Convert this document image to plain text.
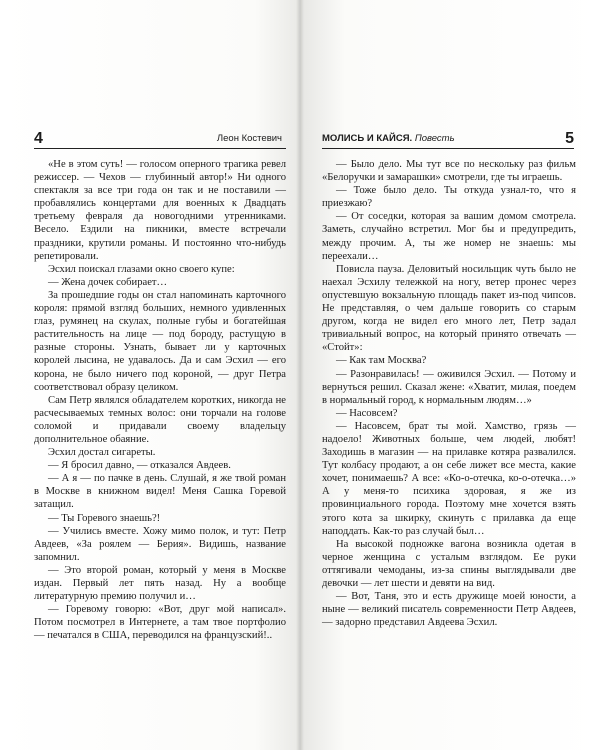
4	Леон Костевич

«Не в этом суть! — голосом оперного трагика ревел режиссер. — Чехов — глубинный автор!» Ни одного спектакля за все три года он так и не поставили — пробавлялись концертами для военных к Двадцать третьему февраля да новогодними утренниками. Весело. Ездили на пикники, вместе встречали праздники, крутили романы. И постоянно что-нибудь репетировали.

Эсхил поискал глазами окно своего купе:

— Жена дочек собирает…

За прошедшие годы он стал напоминать карточного короля: прямой взгляд больших, немного удивленных глаз, румянец на скулах, полные губы и богатейшая растительность на лице — под бороду, растущую в разные стороны. Узнать, бывает ли у карточных королей лысина, не удавалось. Да и сам Эсхил — его корона, не было ничего под короной, — друг Петра соответствовал образу целиком.

Сам Петр являлся обладателем коротких, никогда не расчесываемых темных волос: они торчали на голове соломой и придавали своему владельцу дополнительное обаяние.

Эсхил достал сигареты.

— Я бросил давно, — отказался Авдеев.

— А я — по пачке в день. Слушай, я же твой роман в Москве в книжном видел! Меня Сашка Горевой затащил.

— Ты Горевого знаешь?!

— Учились вместе. Хожу мимо полок, и тут: Петр Авдеев, «За роялем — Берия». Видишь, название запомнил.

— Это второй роман, который у меня в Москве издан. Первый лет пять назад. Ну а вообще литературную премию получил и…

— Горевому говорю: «Вот, друг мой написал». Потом посмотрел в Интернете, а там твое портфолио — печатался в США, переводился на французский!..

МОЛИСЬ И КАЙСЯ. Повесть	5

— Было дело. Мы тут все по нескольку раз фильм «Белоручки и замарашки» смотрели, где ты играешь.

— Тоже было дело. Ты откуда узнал-то, что я приезжаю?

— От соседки, которая за вашим домом смотрела. Заметь, случайно встретил. Мог бы и предупредить, между прочим. А, ты же номер не знаешь: мы переехали…

Повисла пауза. Деловитый носильщик чуть было не наехал Эсхилу тележкой на ногу, ветер пронес через опустевшую вокзальную площадь пакет из-под чипсов. Не представляя, о чем дальше говорить со старым другом, когда не видел его много лет, Петр задал тривиальный вопрос, на который принято отвечать — «Стойт»:

— Как там Москва?

— Разонравилась! — оживился Эсхил. — Потому и вернуться решил. Сказал жене: «Хватит, милая, поедем в нормальный город, к нормальным людям…»

— Насовсем?

— Насовсем, брат ты мой. Хамство, грязь — надоело! Животных больше, чем людей, любят! Заходишь в магазин — на прилавке котяра развалился. Тут колбасу продают, а он себе лижет все места, какие хочет, понимаешь? А все: «Ко-о-отечка, ко-о-отечка…» А у меня-то психика здоровая, я же из провинциального города. Поэтому мне хочется взять этого кота за шкирку, скинуть с прилавка да еще наподдать. Как-то раз случай был…

На высокой подножке вагона возникла одетая в черное женщина с усталым взглядом. Ее руки оттягивали чемоданы, из-за спины выглядывали две девочки — лет шести и девяти на вид.

— Вот, Таня, это и есть дружище моей юности, а ныне — великий писатель современности Петр Авдеев, — задорно представил Авдеева Эсхил.
